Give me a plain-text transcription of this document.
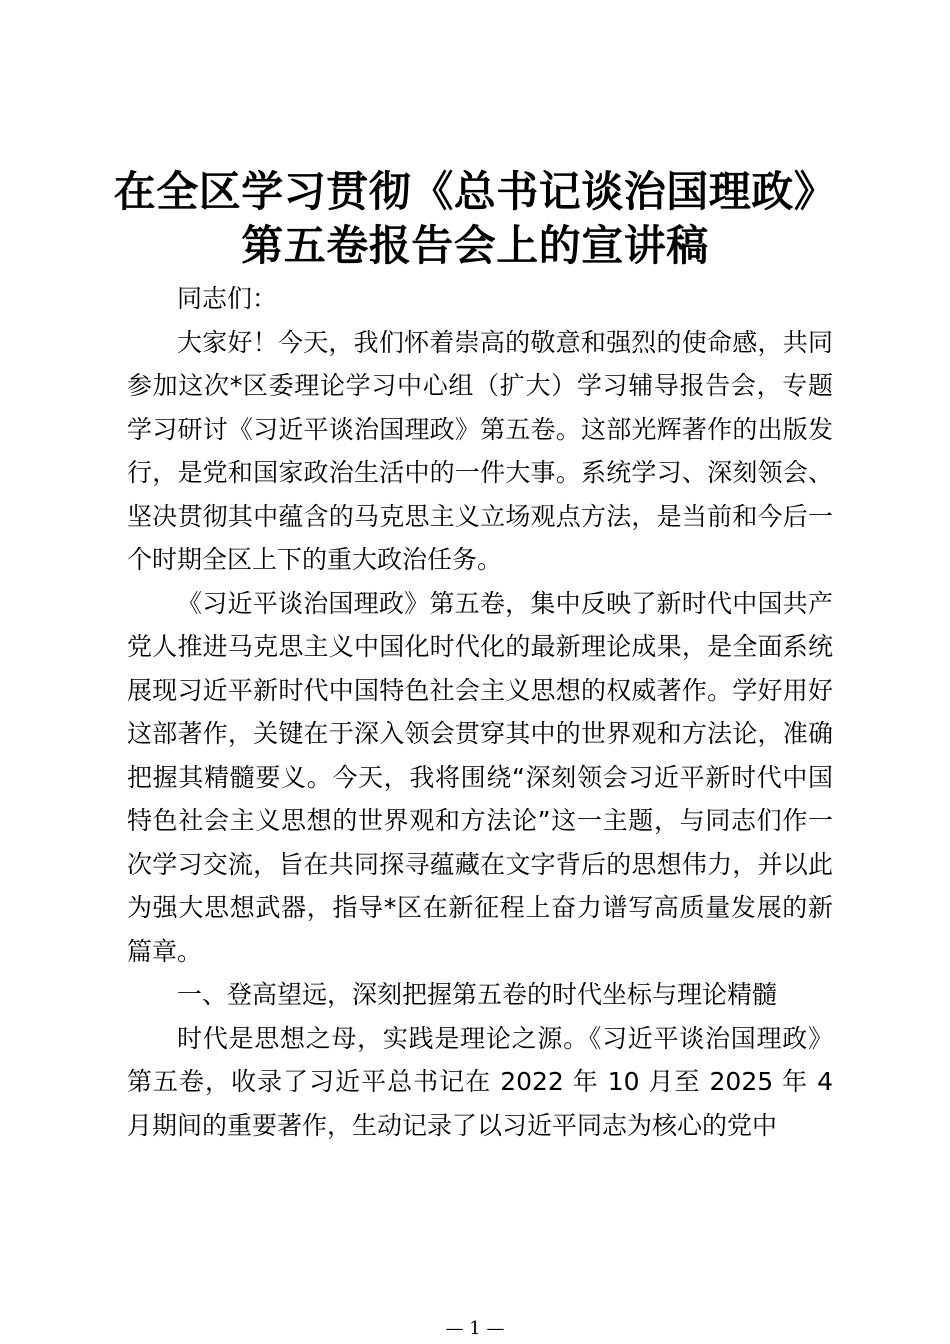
在全区学习贯彻《总书记谈治国理政》
第五卷报告会上的宣讲稿

同志们：

大家好！今天，我们怀着崇高的敬意和强烈的使命感，共同参加这次*区委理论学习中心组（扩大）学习辅导报告会，专题学习研讨《习近平谈治国理政》第五卷。这部光辉著作的出版发行，是党和国家政治生活中的一件大事。系统学习、深刻领会、坚决贯彻其中蕴含的马克思主义立场观点方法，是当前和今后一个时期全区上下的重大政治任务。

《习近平谈治国理政》第五卷，集中反映了新时代中国共产党人推进马克思主义中国化时代化的最新理论成果，是全面系统展现习近平新时代中国特色社会主义思想的权威著作。学好用好这部著作，关键在于深入领会贯穿其中的世界观和方法论，准确把握其精髓要义。今天，我将围绕“深刻领会习近平新时代中国特色社会主义思想的世界观和方法论”这一主题，与同志们作一次学习交流，旨在共同探寻蕴藏在文字背后的思想伟力，并以此为强大思想武器，指导*区在新征程上奋力谱写高质量发展的新篇章。

一、登高望远，深刻把握第五卷的时代坐标与理论精髓

时代是思想之母，实践是理论之源。《习近平谈治国理政》第五卷，收录了习近平总书记在 2022 年 10 月至 2025 年 4 月期间的重要著作，生动记录了以习近平同志为核心的党中

— 1 —
